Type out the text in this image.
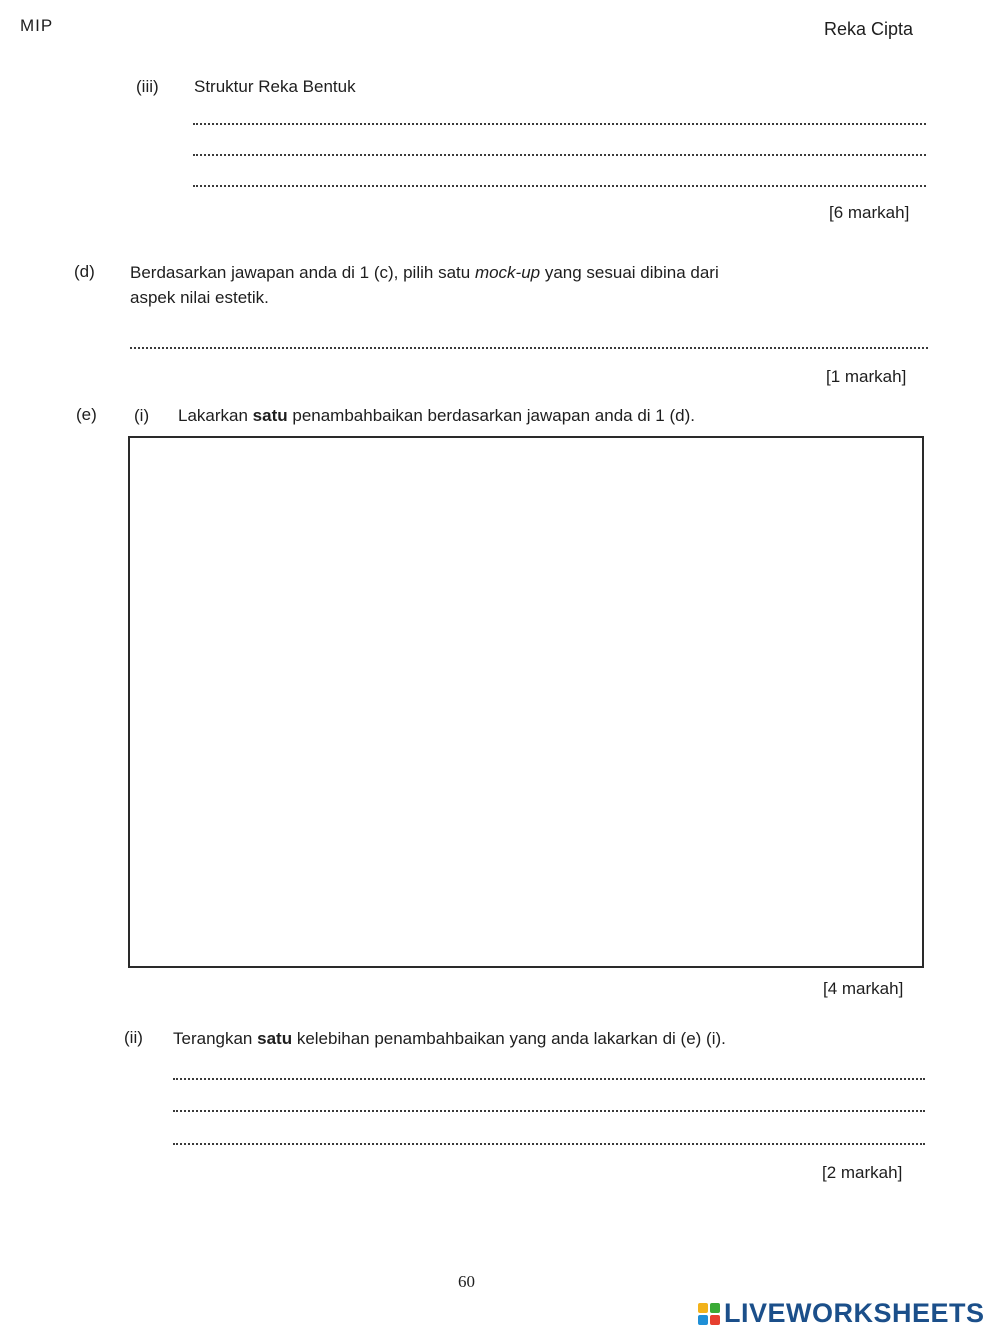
MIP	Reka Cipta
(iii) Struktur Reka Bentuk
[6 markah]
(d) Berdasarkan jawapan anda di 1 (c), pilih satu mock-up yang sesuai dibina dari
aspek nilai estetik.
[1 markah]
(e) (i) Lakarkan satu penambahbaikan berdasarkan jawapan anda di 1 (d).
[4 markah]
(ii) Terangkan satu kelebihan penambahbaikan yang anda lakarkan di (e) (i).
[2 markah]
60
LIVEWORKSHEETS
